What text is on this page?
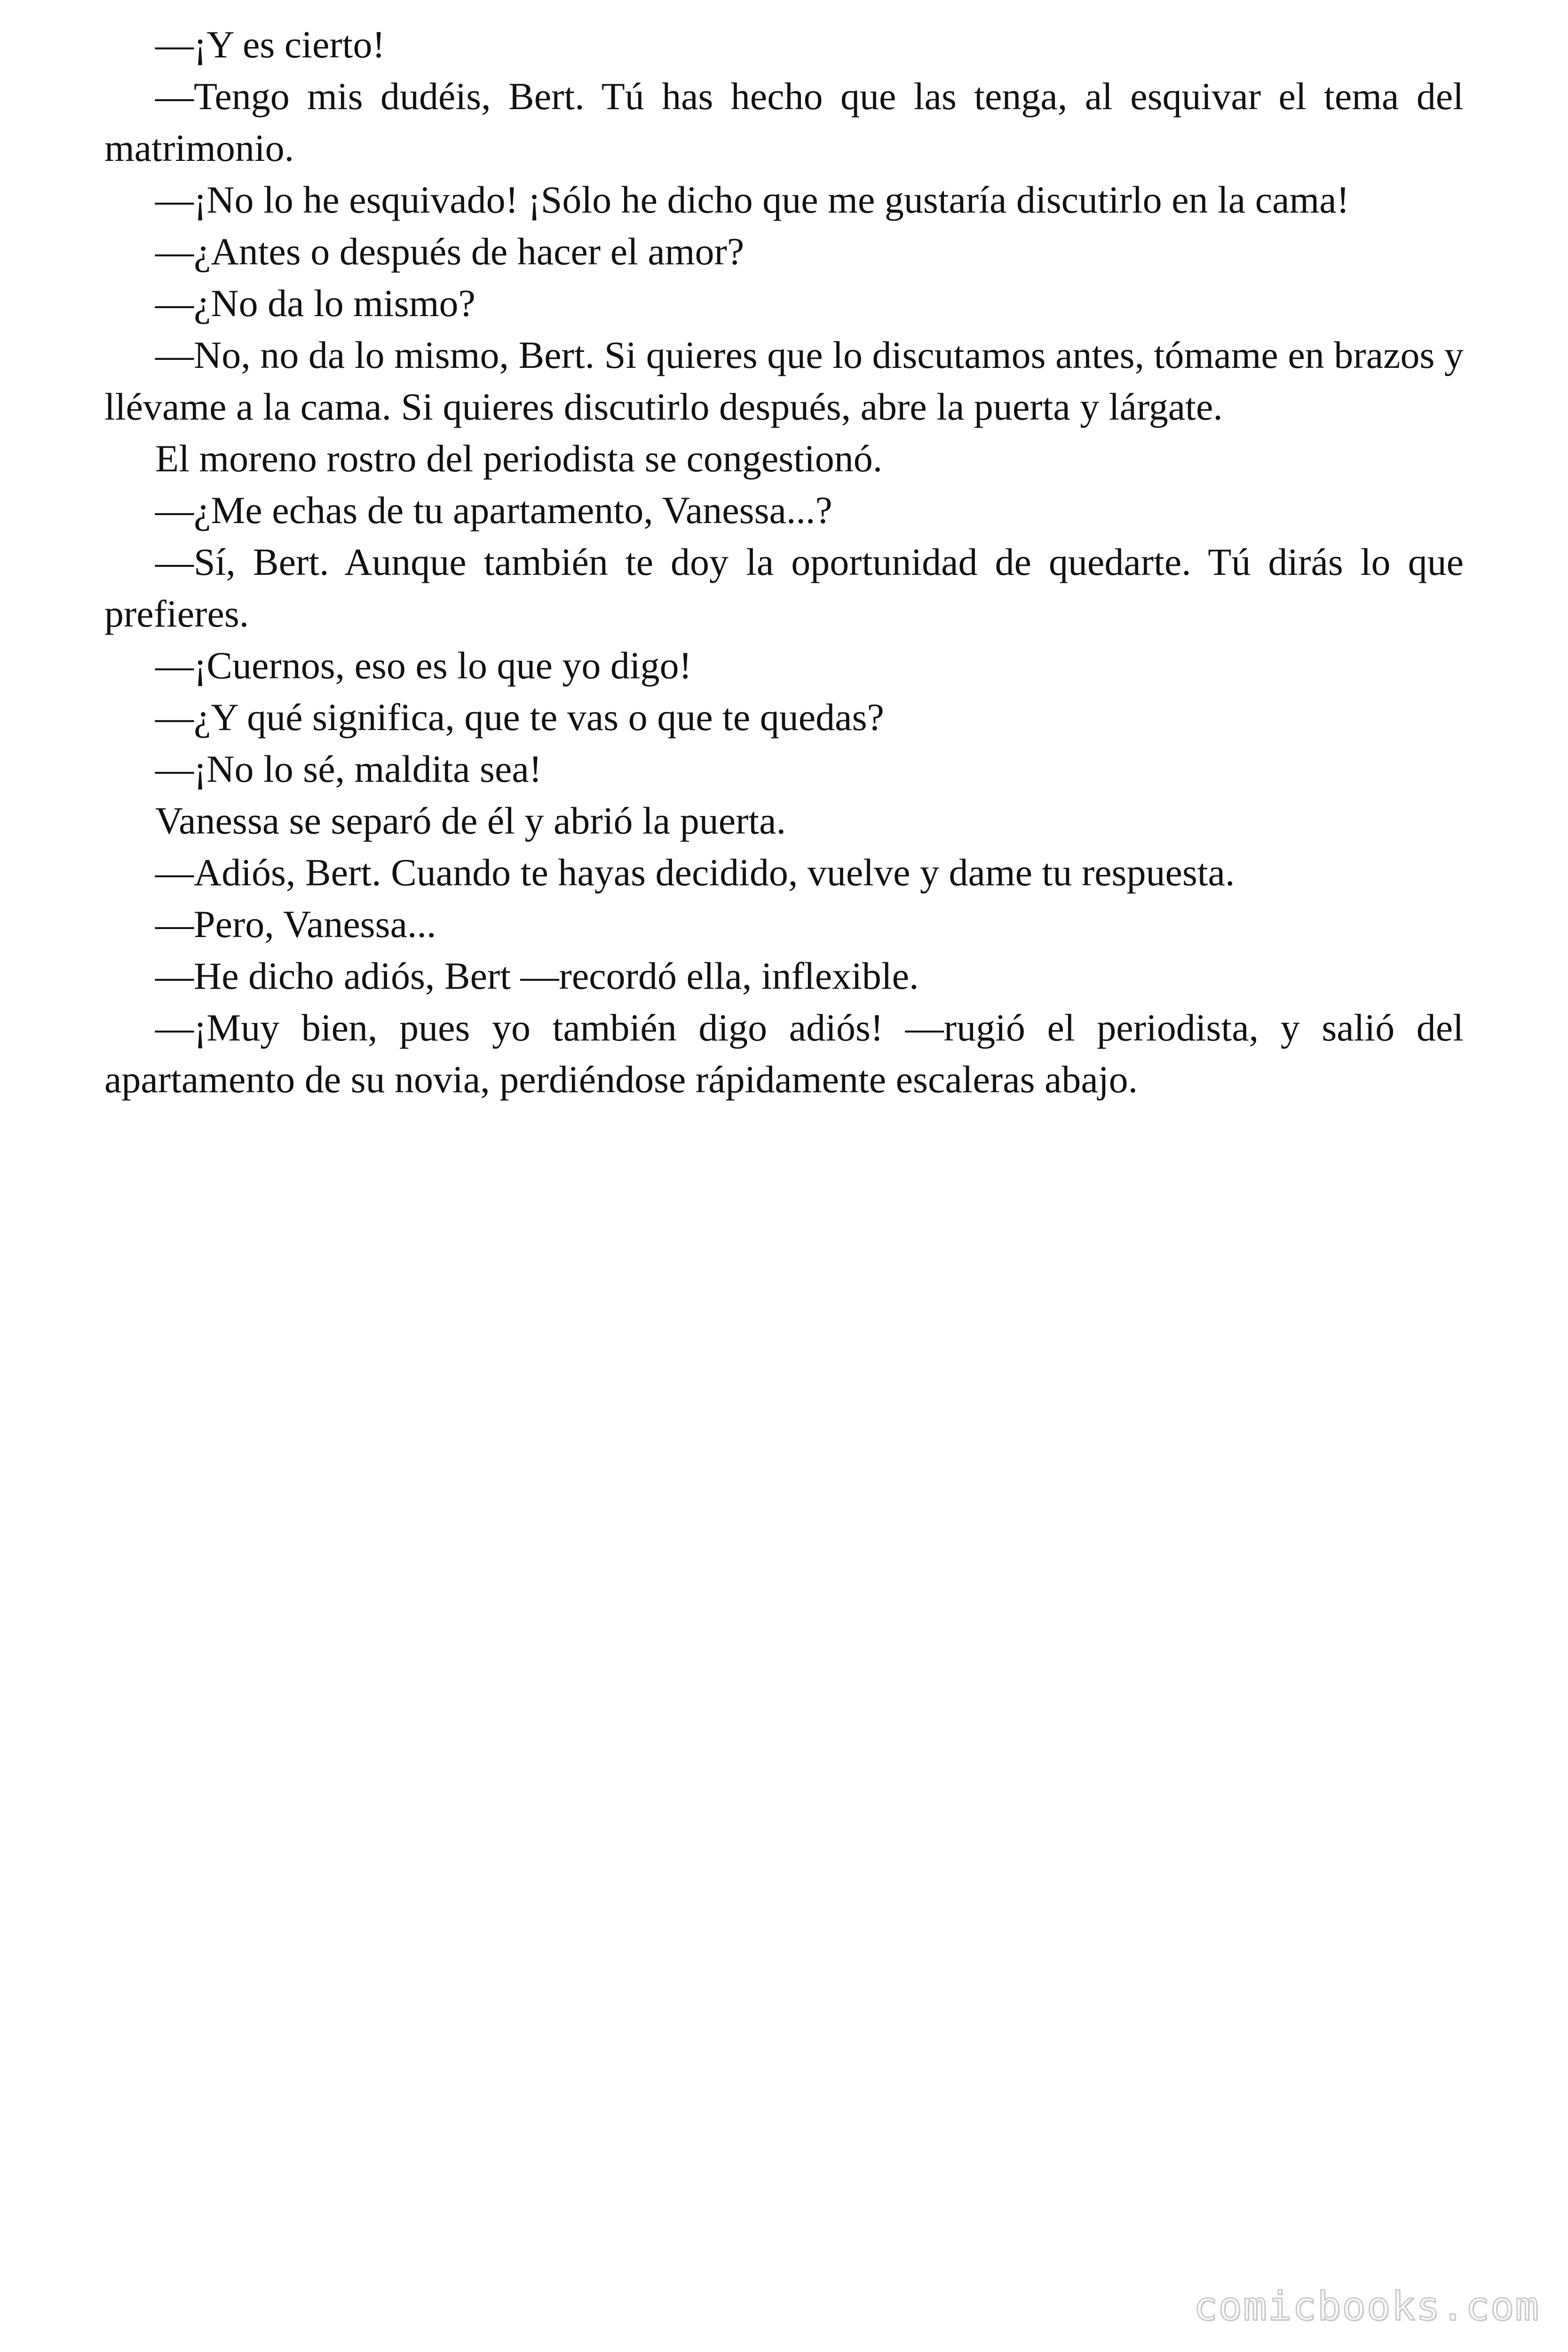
—¡Y es cierto!

—Tengo mis dudéis, Bert. Tú has hecho que las tenga, al esquivar el tema del matrimonio.

—¡No lo he esquivado! ¡Sólo he dicho que me gustaría discutirlo en la cama!

—¿Antes o después de hacer el amor?

—¿No da lo mismo?

—No, no da lo mismo, Bert. Si quieres que lo discutamos antes, tómame en brazos y llévame a la cama. Si quieres discutirlo después, abre la puerta y lárgate.

El moreno rostro del periodista se congestionó.

—¿Me echas de tu apartamento, Vanessa...?

—Sí, Bert. Aunque también te doy la oportunidad de quedarte. Tú dirás lo que prefieres.

—¡Cuernos, eso es lo que yo digo!

—¿Y qué significa, que te vas o que te quedas?

—¡No lo sé, maldita sea!

Vanessa se separó de él y abrió la puerta.

—Adiós, Bert. Cuando te hayas decidido, vuelve y dame tu respuesta.

—Pero, Vanessa...

—He dicho adiós, Bert —recordó ella, inflexible.

—¡Muy bien, pues yo también digo adiós! —rugió el periodista, y salió del apartamento de su novia, perdiéndose rápidamente escaleras abajo.

comicbooks.com
